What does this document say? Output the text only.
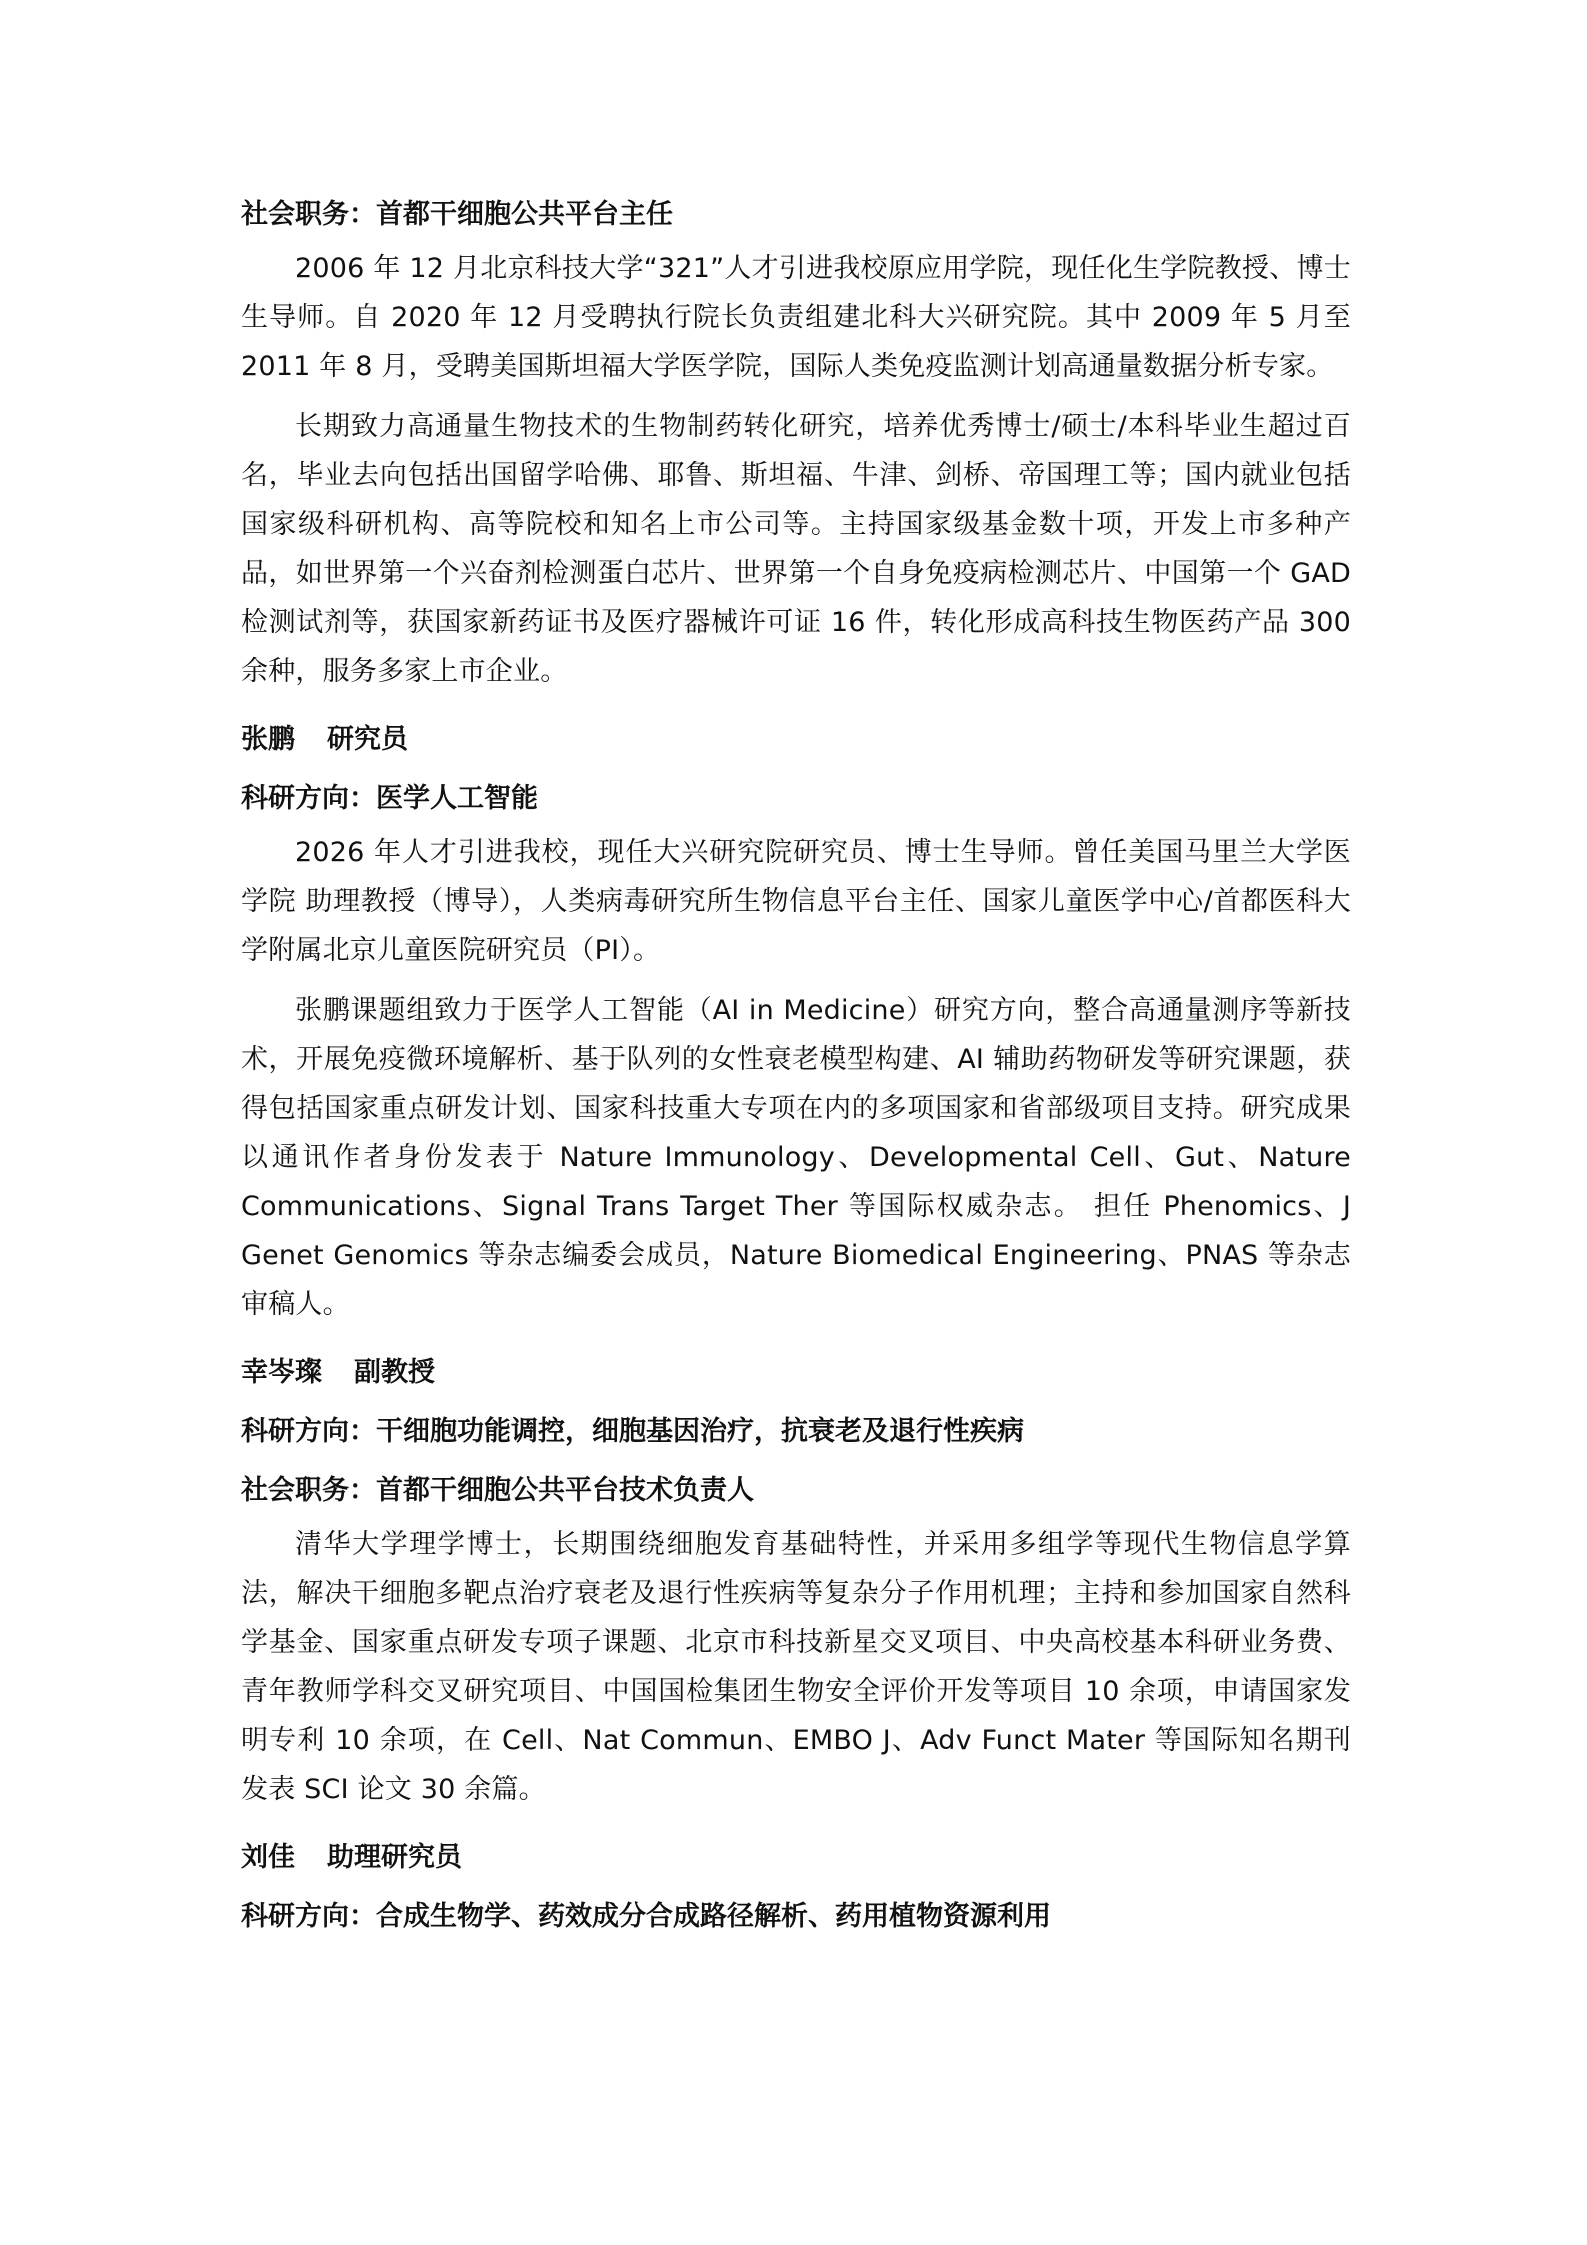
社会职务：首都干细胞公共平台主任

2006 年 12 月北京科技大学“321”人才引进我校原应用学院，现任化生学院教授、博士生导师。自 2020 年 12 月受聘执行院长负责组建北科大兴研究院。其中 2009 年 5 月至 2011 年 8 月，受聘美国斯坦福大学医学院，国际人类免疫监测计划高通量数据分析专家。

长期致力高通量生物技术的生物制药转化研究，培养优秀博士/硕士/本科毕业生超过百名，毕业去向包括出国留学哈佛、耶鲁、斯坦福、牛津、剑桥、帝国理工等；国内就业包括国家级科研机构、高等院校和知名上市公司等。主持国家级基金数十项，开发上市多种产品，如世界第一个兴奋剂检测蛋白芯片、世界第一个自身免疫病检测芯片、中国第一个 GAD 检测试剂等，获国家新药证书及医疗器械许可证 16 件，转化形成高科技生物医药产品 300 余种，服务多家上市企业。

张鹏 研究员

科研方向：医学人工智能

2026 年人才引进我校，现任大兴研究院研究员、博士生导师。曾任美国马里兰大学医学院 助理教授（博导），人类病毒研究所生物信息平台主任、国家儿童医学中心/首都医科大学附属北京儿童医院研究员（PI）。

张鹏课题组致力于医学人工智能（AI in Medicine）研究方向，整合高通量测序等新技术，开展免疫微环境解析、基于队列的女性衰老模型构建、AI 辅助药物研发等研究课题，获得包括国家重点研发计划、国家科技重大专项在内的多项国家和省部级项目支持。研究成果以通讯作者身份发表于 Nature Immunology、Developmental Cell、Gut、Nature Communications、Signal Trans Target Ther 等国际权威杂志。 担任 Phenomics、J Genet Genomics 等杂志编委会成员，Nature Biomedical Engineering、PNAS 等杂志审稿人。

幸岑璨 副教授

科研方向：干细胞功能调控，细胞基因治疗，抗衰老及退行性疾病

社会职务：首都干细胞公共平台技术负责人

清华大学理学博士，长期围绕细胞发育基础特性，并采用多组学等现代生物信息学算法，解决干细胞多靶点治疗衰老及退行性疾病等复杂分子作用机理；主持和参加国家自然科学基金、国家重点研发专项子课题、北京市科技新星交叉项目、中央高校基本科研业务费、青年教师学科交叉研究项目、中国国检集团生物安全评价开发等项目 10 余项，申请国家发明专利 10 余项，在 Cell、Nat Commun、EMBO J、Adv Funct Mater 等国际知名期刊发表 SCI 论文 30 余篇。

刘佳 助理研究员

科研方向：合成生物学、药效成分合成路径解析、药用植物资源利用
